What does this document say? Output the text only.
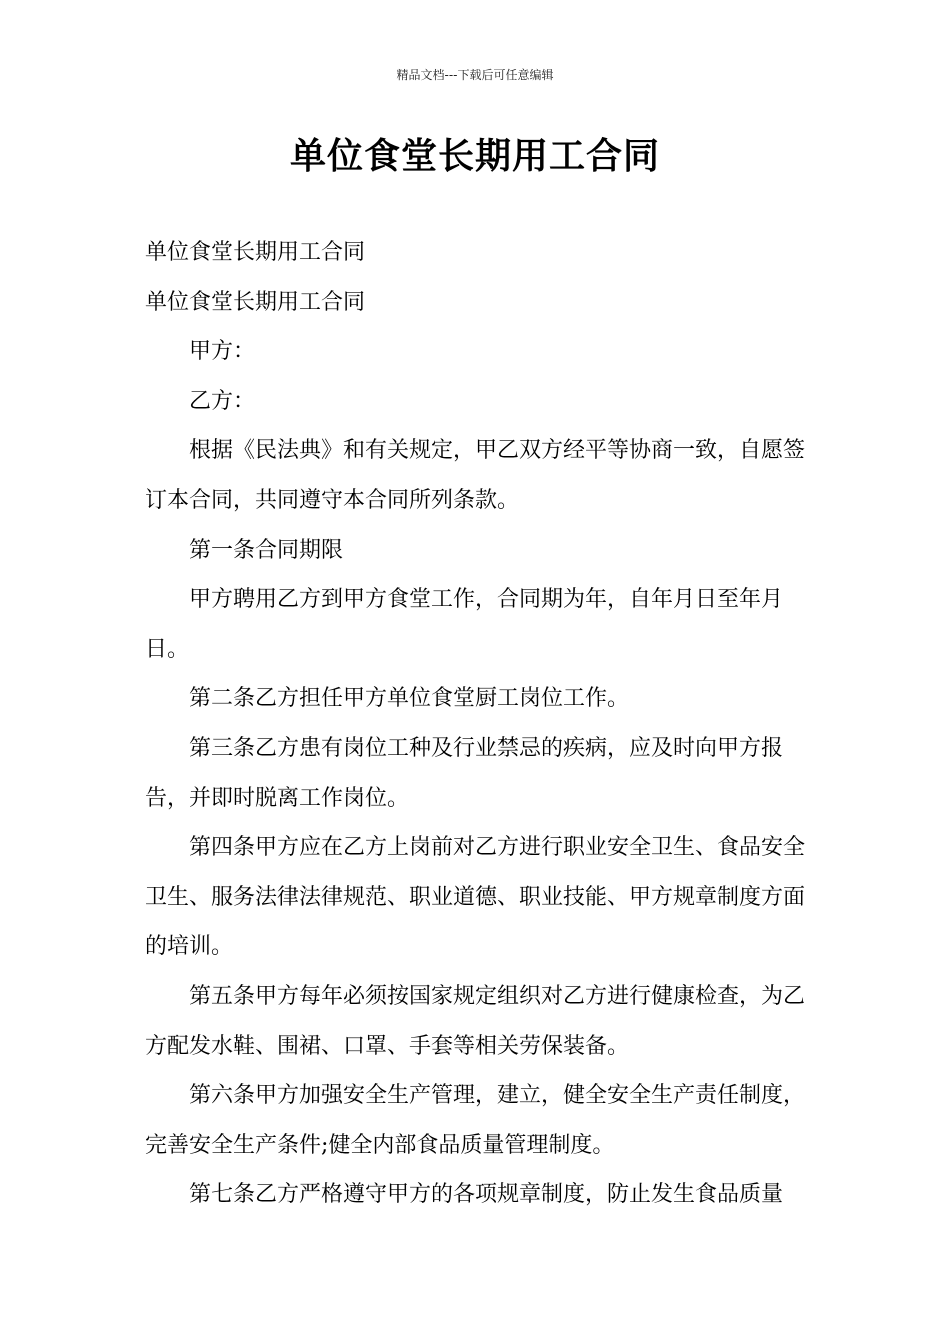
精品文档---下载后可任意编辑
单位食堂长期用工合同

单位食堂长期用工合同

单位食堂长期用工合同

甲方：

乙方：

根据《民法典》和有关规定，甲乙双方经平等协商一致，自愿签订本合同，共同遵守本合同所列条款。

第一条合同期限

甲方聘用乙方到甲方食堂工作，合同期为年，自年月日至年月日。

第二条乙方担任甲方单位食堂厨工岗位工作。

第三条乙方患有岗位工种及行业禁忌的疾病，应及时向甲方报告，并即时脱离工作岗位。

第四条甲方应在乙方上岗前对乙方进行职业安全卫生、食品安全卫生、服务法律法律规范、职业道德、职业技能、甲方规章制度方面的培训。

第五条甲方每年必须按国家规定组织对乙方进行健康检查，为乙方配发水鞋、围裙、口罩、手套等相关劳保装备。

第六条甲方加强安全生产管理，建立，健全安全生产责任制度，完善安全生产条件;健全内部食品质量管理制度。

第七条乙方严格遵守甲方的各项规章制度，防止发生食品质量
